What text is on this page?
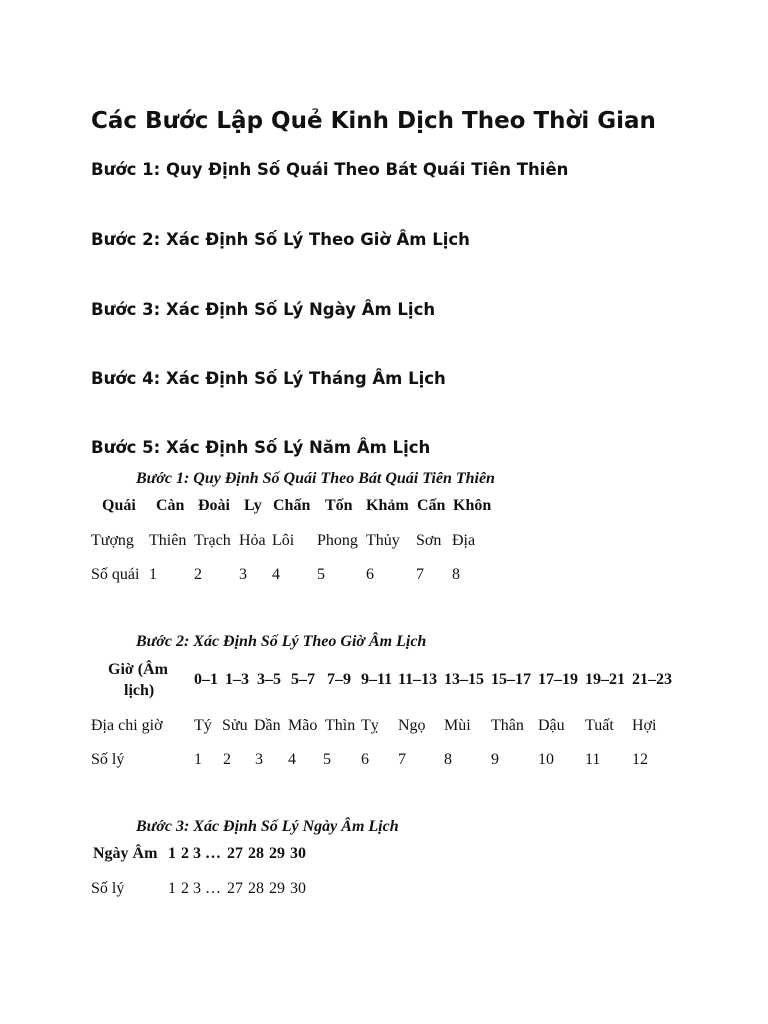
Các Bước Lập Quẻ Kinh Dịch Theo Thời Gian

Bước 1: Quy Định Số Quái Theo Bát Quái Tiên Thiên

Bước 2: Xác Định Số Lý Theo Giờ Âm Lịch

Bước 3: Xác Định Số Lý Ngày Âm Lịch

Bước 4: Xác Định Số Lý Tháng Âm Lịch

Bước 5: Xác Định Số Lý Năm Âm Lịch

Bước 1: Quy Định Số Quái Theo Bát Quái Tiên Thiên

Quái Càn Đoài Ly Chấn Tốn Khảm Cấn Khôn
Tượng Thiên Trạch Hỏa Lôi Phong Thủy Sơn Địa
Số quái 1 2 3 4 5	6	7 8

Bước 2: Xác Định Số Lý Theo Giờ Âm Lịch

Giờ (Âm
lịch)
0–1 1–3 3–5 5–7 7–9 9–11 11–13 13–15 15–17 17–19 19–21 21–23
Địa chi giờ Tý Sửu Dần Mão Thìn Tỵ Ngọ Mùi Thân Dậu Tuất Hợi
Số lý	1 2 3 4 5 6 7 8 9 10 11 12

Bước 3: Xác Định Số Lý Ngày Âm Lịch

Ngày Âm 1 2 3 … 27 28 29 30
Số lý	1 2 3 … 27 28 29 30
